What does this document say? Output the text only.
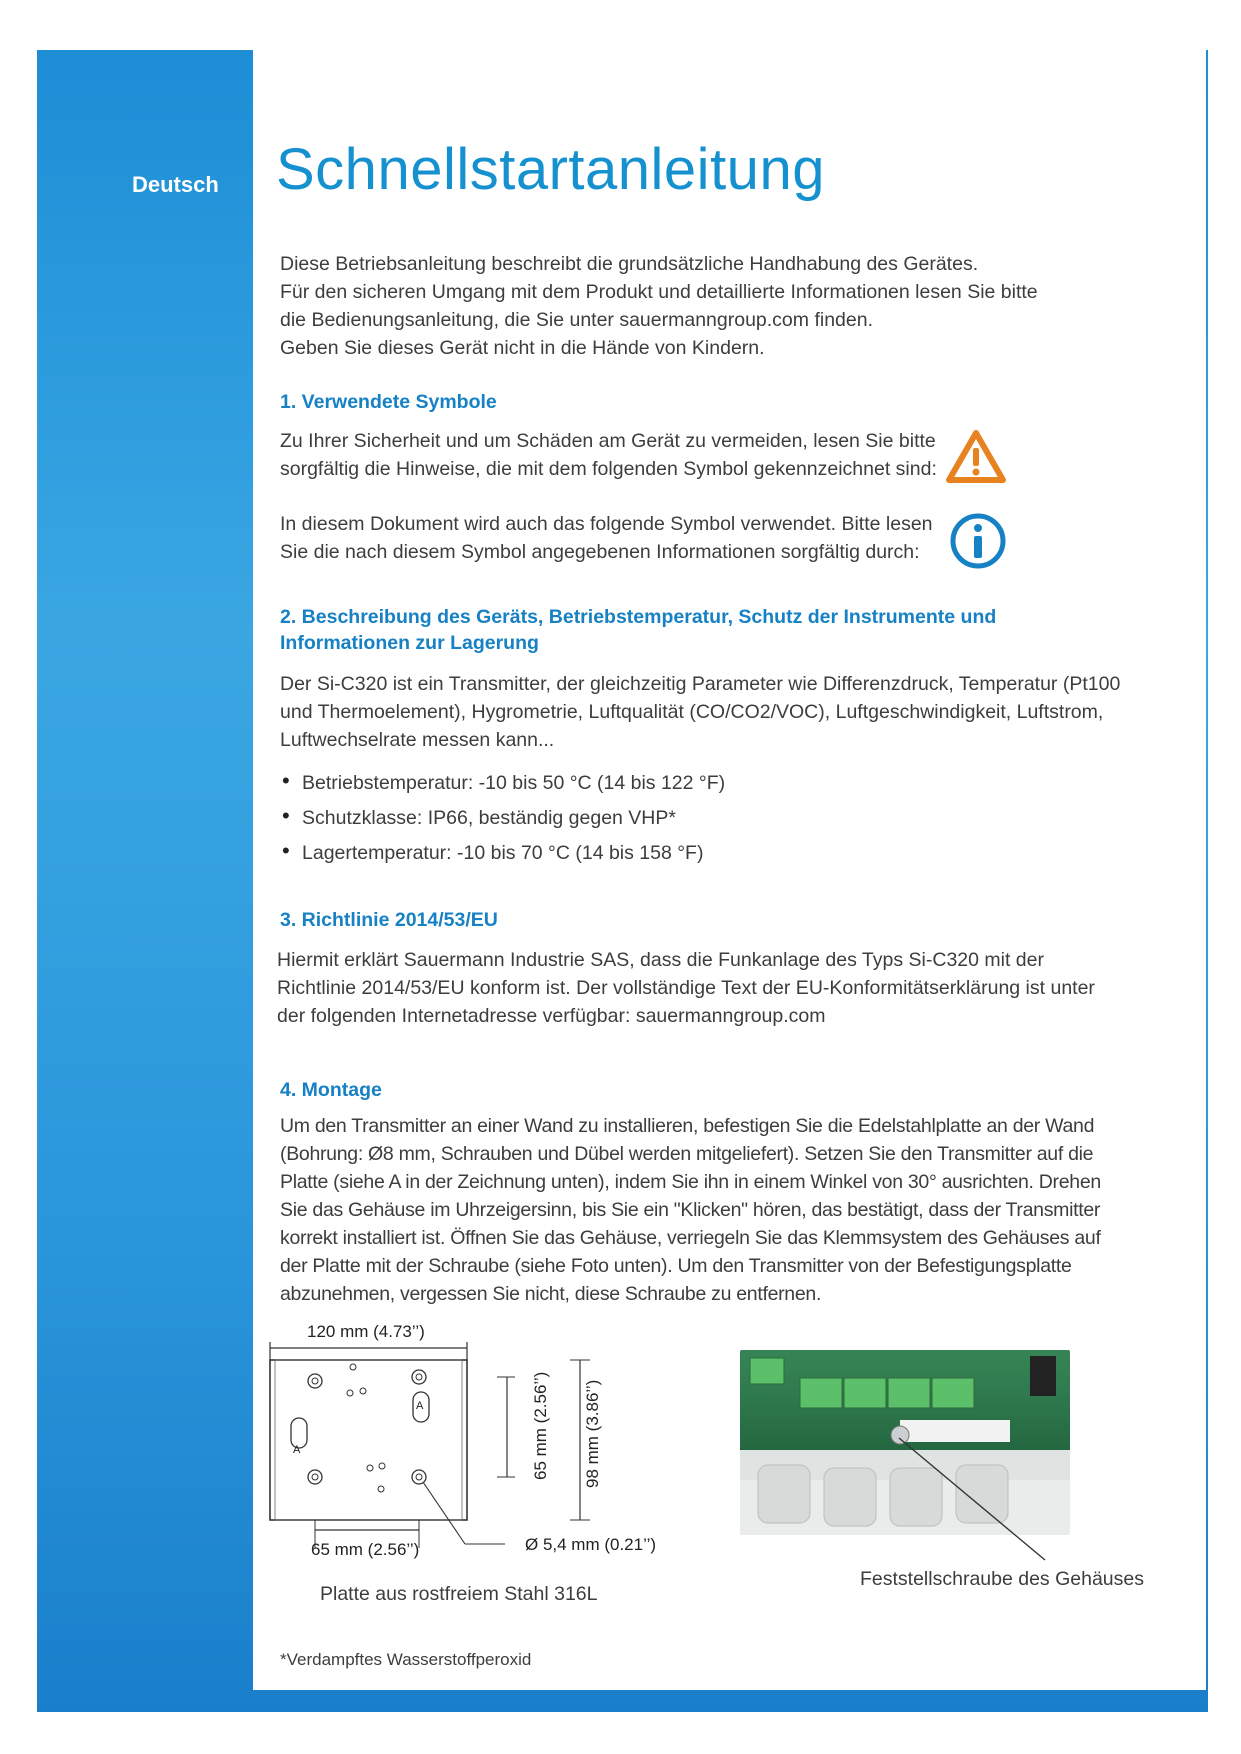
Deutsch Schnellstartanleitung
Diese Betriebsanleitung beschreibt die grundsätzliche Handhabung des Gerätes.
Für den sicheren Umgang mit dem Produkt und detaillierte Informationen lesen Sie bitte
die Bedienungsanleitung, die Sie unter sauermanngroup.com finden.
Geben Sie dieses Gerät nicht in die Hände von Kindern.
1. Verwendete Symbole
Zu Ihrer Sicherheit und um Schäden am Gerät zu vermeiden, lesen Sie bitte
sorgfältig die Hinweise, die mit dem folgenden Symbol gekennzeichnet sind:
In diesem Dokument wird auch das folgende Symbol verwendet. Bitte lesen
Sie die nach diesem Symbol angegebenen Informationen sorgfältig durch:
2. Beschreibung des Geräts, Betriebstemperatur, Schutz der Instrumente und
Informationen zur Lagerung
Der Si-C320 ist ein Transmitter, der gleichzeitig Parameter wie Differenzdruck, Temperatur (Pt100
und Thermoelement), Hygrometrie, Luftqualität (CO/CO2/VOC), Luftgeschwindigkeit, Luftstrom,
Luftwechselrate messen kann...
• Betriebstemperatur: -10 bis 50 °C (14 bis 122 °F)
• Schutzklasse: IP66, beständig gegen VHP*
• Lagertemperatur: -10 bis 70 °C (14 bis 158 °F)
3. Richtlinie 2014/53/EU
Hiermit erklärt Sauermann Industrie SAS, dass die Funkanlage des Typs Si-C320 mit der
Richtlinie 2014/53/EU konform ist. Der vollständige Text der EU-Konformitätserklärung ist unter
der folgenden Internetadresse verfügbar: sauermanngroup.com
4. Montage
Um den Transmitter an einer Wand zu installieren, befestigen Sie die Edelstahlplatte an der Wand
(Bohrung: Ø8 mm, Schrauben und Dübel werden mitgeliefert). Setzen Sie den Transmitter auf die
Platte (siehe A in der Zeichnung unten), indem Sie ihn in einem Winkel von 30° ausrichten. Drehen
Sie das Gehäuse im Uhrzeigersinn, bis Sie ein "Klicken" hören, das bestätigt, dass der Transmitter
korrekt installiert ist. Öffnen Sie das Gehäuse, verriegeln Sie das Klemmsystem des Gehäuses auf
der Platte mit der Schraube (siehe Foto unten). Um den Transmitter von der Befestigungsplatte
abzunehmen, vergessen Sie nicht, diese Schraube zu entfernen.
120 mm (4.73’’)
A
A	65 mm (2.56’’) 98 mm (3.86’’)
65 mm (2.56’’)	Ø 5,4 mm (0.21’’)
Platte aus rostfreiem Stahl 316L
Feststellschraube des Gehäuses
*Verdampftes Wasserstoffperoxid
